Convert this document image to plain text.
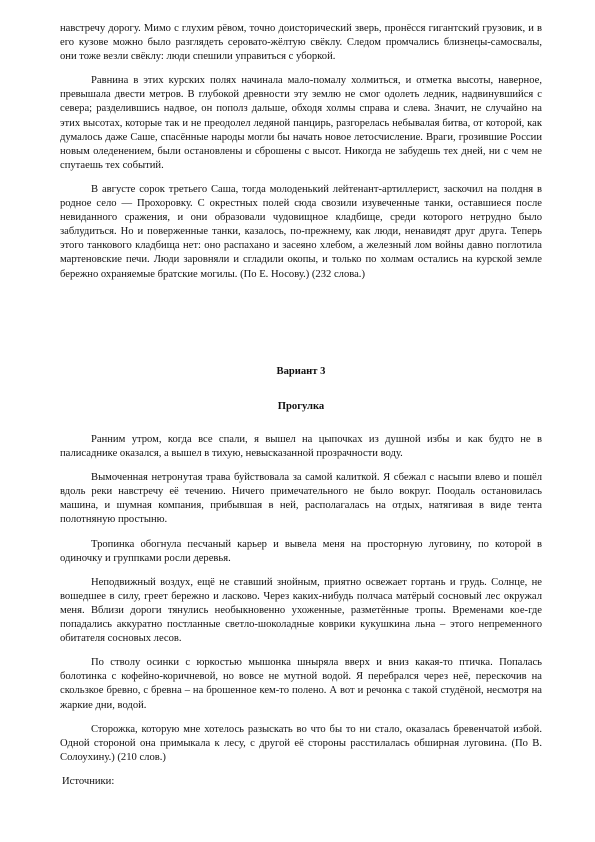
навстречу дорогу. Мимо с глухим рёвом, точно доисторический зверь, пронёсся гигантский грузовик, и в его кузове можно было разглядеть серовато-жёлтую свёклу. Следом промчались близнецы-самосвалы, они тоже везли свёклу: люди спешили управиться с уборкой.

Равнина в этих курских полях начинала мало-помалу холмиться, и отметка высоты, наверное, превышала двести метров. В глубокой древности эту землю не смог одолеть ледник, надвинувшийся с севера; разделившись надвое, он пополз дальше, обходя холмы справа и слева. Значит, не случайно на этих высотах, которые так и не преодолел ледяной панцирь, разгорелась небывалая битва, от которой, как думалось даже Саше, спасённые народы могли бы начать новое летосчисление. Враги, грозившие России новым оледенением, были остановлены и сброшены с высот. Никогда не забудешь тех дней, ни с чем не спутаешь тех событий.

В августе сорок третьего Саша, тогда молоденький лейтенант-артиллерист, заскочил на полдня в родное село — Прохоровку. С окрестных полей сюда свозили изувеченные танки, оставшиеся после невиданного сражения, и они образовали чудовищное кладбище, среди которого нетрудно было заблудиться. Но и поверженные танки, казалось, по-прежнему, как люди, ненавидят друг друга. Теперь этого танкового кладбища нет: оно распахано и засеяно хлебом, а железный лом войны давно поглотила мартеновские печи. Люди заровняли и сгладили окопы, и только по холмам остались на курской земле бережно охраняемые братские могилы. (По Е. Носову.) (232 слова.)

Вариант 3

Прогулка

Ранним утром, когда все спали, я вышел на цыпочках из душной избы и как будто не в палисаднике оказался, а вышел в тихую, невысказанной прозрачности воду.

Вымоченная нетронутая трава буйствовала за самой калиткой. Я сбежал с насыпи влево и пошёл вдоль реки навстречу её течению. Ничего примечательного не было вокруг. Поодаль остановилась машина, и шумная компания, прибывшая в ней, располагалась на отдых, натягивая в виде тента полотняную простыню.

Тропинка обогнула песчаный карьер и вывела меня на просторную луговину, по которой в одиночку и группками росли деревья.

Неподвижный воздух, ещё не ставший знойным, приятно освежает гортань и грудь. Солнце, не вошедшее в силу, греет бережно и ласково. Через каких-нибудь полчаса матёрый сосновый лес окружал меня. Вблизи дороги тянулись необыкновенно ухоженные, разметённые тропы. Временами кое-где попадались аккуратно постланные светло-шоколадные коврики кукушкина льна – этого непременного обитателя сосновых лесов.

По стволу осинки с юркостью мышонка шныряла вверх и вниз какая-то птичка. Попалась болотинка с кофейно-коричневой, но вовсе не мутной водой. Я перебрался через неё, перескочив на скользкое бревно, с бревна – на брошенное кем-то полено. А вот и речонка с такой студёной, несмотря на жаркие дни, водой.

Сторожка, которую мне хотелось разыскать во что бы то ни стало, оказалась бревенчатой избой. Одной стороной она примыкала к лесу, с другой её стороны расстилалась обширная луговина. (По В. Солоухину.) (210 слов.)

Источники:
